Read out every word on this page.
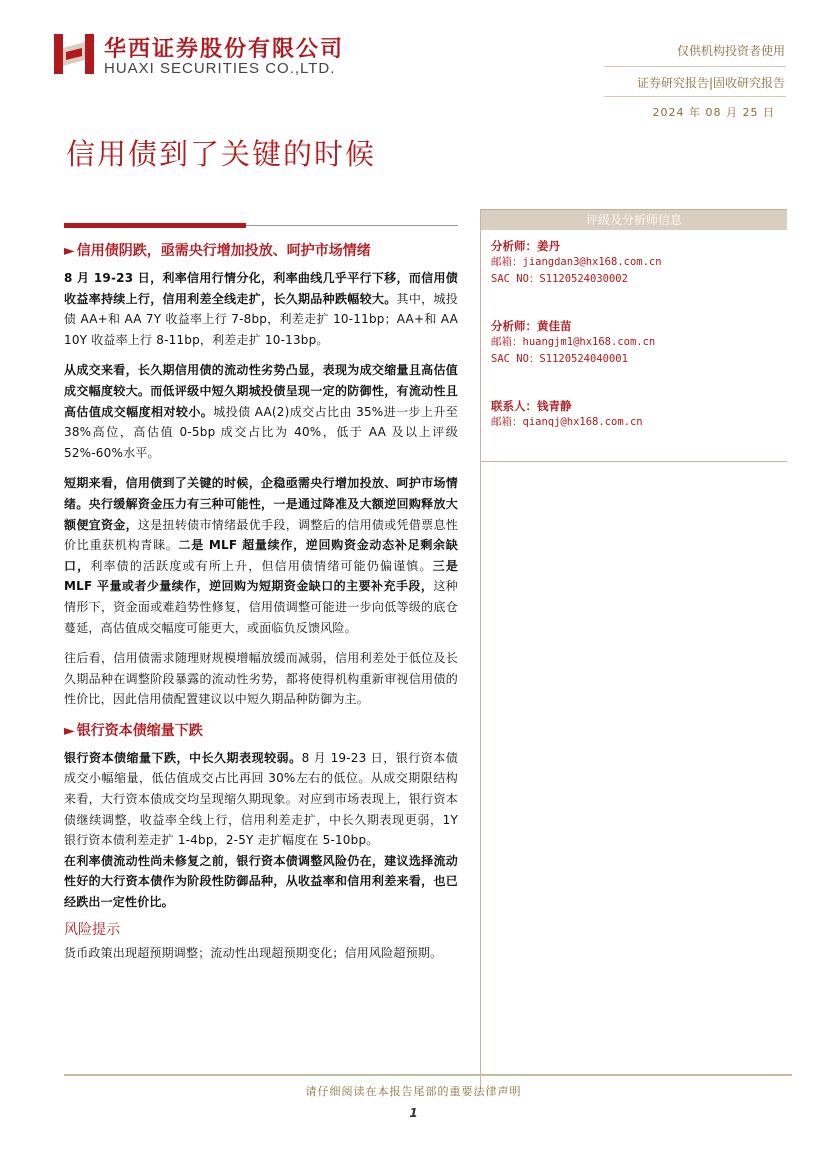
华西证券股份有限公司
HUAXI SECURITIES CO.,LTD.
仅供机构投资者使用
证券研究报告|固收研究报告
2024 年 08 月 25 日
信用债到了关键的时候
► 信用债阴跌，亟需央行增加投放、呵护市场情绪

8 月 19-23 日，利率信用行情分化，利率曲线几乎平行下移，而信用债收益率持续上行，信用利差全线走扩，长久期品种跌幅较大。其中，城投债 AA+和 AA 7Y 收益率上行 7-8bp，利差走扩 10-11bp；AA+和 AA 10Y 收益率上行 8-11bp，利差走扩 10-13bp。

从成交来看，长久期信用债的流动性劣势凸显，表现为成交缩量且高估值成交幅度较大。而低评级中短久期城投债呈现一定的防御性，有流动性且高估值成交幅度相对较小。城投债 AA(2)成交占比由 35%进一步上升至 38%高位，高估值 0-5bp 成交占比为 40%，低于 AA 及以上评级 52%-60%水平。

短期来看，信用债到了关键的时候，企稳亟需央行增加投放、呵护市场情绪。央行缓解资金压力有三种可能性，一是通过降准及大额逆回购释放大额便宜资金，这是扭转债市情绪最优手段，调整后的信用债或凭借票息性价比重获机构青睐。二是 MLF 超量续作，逆回购资金动态补足剩余缺口，利率债的活跃度或有所上升，但信用债情绪可能仍偏谨慎。三是 MLF 平量或者少量续作，逆回购为短期资金缺口的主要补充手段，这种情形下，资金面或难趋势性修复，信用债调整可能进一步向低等级的底仓蔓延，高估值成交幅度可能更大，或面临负反馈风险。

往后看，信用债需求随理财规模增幅放缓而减弱，信用利差处于低位及长久期品种在调整阶段暴露的流动性劣势，都将使得机构重新审视信用债的性价比，因此信用债配置建议以中短久期品种防御为主。

► 银行资本债缩量下跌

银行资本债缩量下跌，中长久期表现较弱。8 月 19-23 日，银行资本债成交小幅缩量，低估值成交占比再回 30%左右的低位。从成交期限结构来看，大行资本债成交均呈现缩久期现象。对应到市场表现上，银行资本债继续调整，收益率全线上行，信用利差走扩，中长久期表现更弱，1Y 银行资本债利差走扩 1-4bp，2-5Y 走扩幅度在 5-10bp。

在利率债流动性尚未修复之前，银行资本债调整风险仍在，建议选择流动性好的大行资本债作为阶段性防御品种，从收益率和信用利差来看，也已经跌出一定性价比。

风险提示

货币政策出现超预期调整；流动性出现超预期变化；信用风险超预期。

评级及分析师信息
分析师：姜丹
邮箱：jiangdan3@hx168.com.cn
SAC NO：S1120524030002
分析师：黄佳苗
邮箱：huangjm1@hx168.com.cn
SAC NO：S1120524040001
联系人：钱青静
邮箱：qianqj@hx168.com.cn
请仔细阅读在本报告尾部的重要法律声明
1
